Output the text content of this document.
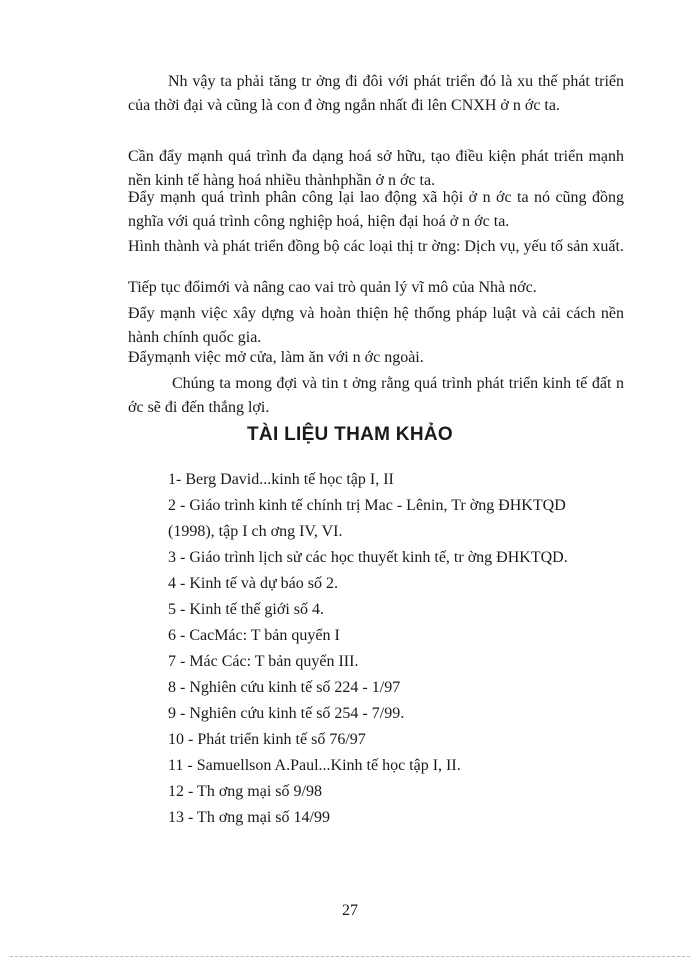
Nh vậy ta phải tăng tr ởng đi đôi với phát triển đó là xu thế phát triển của thời đại và cũng là con đ ờng ngắn nhất đi lên CNXH ở n ớc ta.

Cần đẩy mạnh quá trình đa dạng hoá sở hữu, tạo điều kiện phát triển mạnh nền kinh tế hàng hoá nhiều thànhphần ở n ớc ta.

Đẩy mạnh quá trình phân công lại lao động xã hội ở n ớc ta nó cũng đồng nghĩa với quá trình công nghiệp hoá, hiện đại hoá ở n ớc ta.

Hình thành và phát triển đồng bộ các loại thị tr ờng: Dịch vụ, yếu tố sản xuất.

Tiếp tục đổimới và nâng cao vai trò quản lý vĩ mô của Nhà nớc.

Đẩy mạnh việc xây dựng và hoàn thiện hệ thống pháp luật và cải cách nền hành chính quốc gia.

Đẩymạnh việc mở cửa, làm ăn với n ớc ngoài.

Chúng ta mong đợi và tin t ởng rằng quá trình phát triển kinh tế đất n ớc sẽ đi đến thắng lợi.

TÀI LIỆU THAM KHẢO
1- Berg David...kinh tế học tập I, II
2 - Giáo trình kinh tế chính trị Mac - Lênin, Tr ờng ĐHKTQD
(1998), tập I ch ơng IV, VI.
3 - Giáo trình lịch sử các học thuyết kinh tế, tr ờng ĐHKTQD.
4 - Kinh tế và dự báo số 2.
5 - Kinh tế thế giới số 4.
6 - CacMác: T bản quyển I
7 - Mác Các: T bản quyển III.
8 - Nghiên cứu kinh tế số 224 - 1/97
9 - Nghiên cứu kinh tế số 254 - 7/99.
10 - Phát triển kinh tế số 76/97
11 - Samuellson A.Paul...Kinh tế học tập I, II.
12 - Th ơng mại số 9/98
13 - Th ơng mại số 14/99
27
